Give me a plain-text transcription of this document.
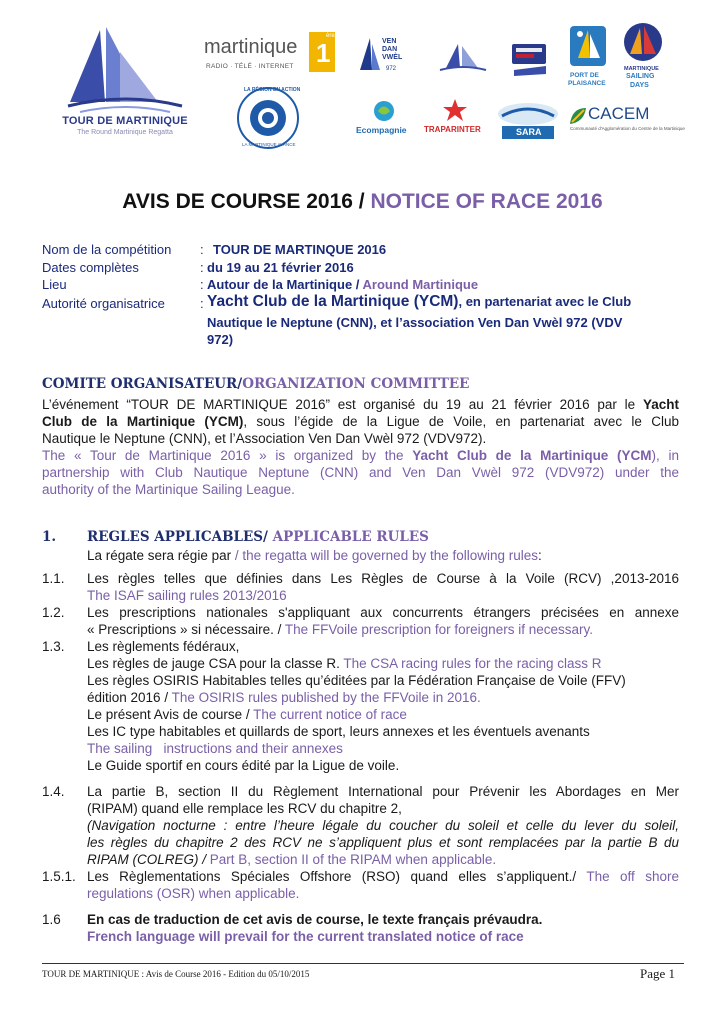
TOUR DE MARTINIQUE
The Round Martinique Regatta
martinique
RADIO · TÉLÉ · INTERNET 1
ère
VEN
DAN
VWÈL
972
PORT DE
PLAISANCE
MARTINIQUE
SAILING
DAYS
LA RÉGION EN ACTION
LA MARTINIQUE AVANCE
Ecompagnie TRAPARINTER	SARA
CACEM
Communauté d'Agglomération du Centre de la Martinique
AVIS DE COURSE 2016 / NOTICE OF RACE 2016
Nom de la compétition : TOUR DE MARTINQUE 2016
Dates complètes	: du 19 au 21 février 2016
Lieu	: Autour de la Martinique / Around Martinique
Autorité organisatrice	: Yacht Club de la Martinique (YCM), en partenariat avec le Club
Nautique le Neptune (CNN), et l’association Ven Dan Vwèl 972 (VDV
972)
COMITE ORGANISATEUR/ORGANIZATION COMMITTEE
L’événement “TOUR DE MARTINIQUE 2016” est organisé du 19 au 21 février 2016 par le Yacht
Club de la Martinique (YCM), sous l’égide de la Ligue de Voile, en partenariat avec le Club
Nautique le Neptune (CNN), et l’Association Ven Dan Vwèl 972 (VDV972).
The « Tour de Martinique 2016 » is organized by the Yacht Club de la Martinique (YCM), in
partnership with Club Nautique Neptune (CNN) and Ven Dan Vwèl 972 (VDV972) under the
authority of the Martinique Sailing League.
1. REGLES APPLICABLES/ APPLICABLE RULES
La régate sera régie par / the regatta will be governed by the following rules:
1.1. Les règles telles que définies dans Les Règles de Course à la Voile (RCV) ,2013-2016
The ISAF sailing rules 2013/2016
1.2. Les prescriptions nationales s'appliquant aux concurrents étrangers précisées en annexe
« Prescriptions » si nécessaire. / The FFVoile prescription for foreigners if necessary.
1.3. Les règlements fédéraux,
Les règles de jauge CSA pour la classe R. The CSA racing rules for the racing class R
Les règles OSIRIS Habitables telles qu’éditées par la Fédération Française de Voile (FFV)
édition 2016 / The OSIRIS rules published by the FFVoile in 2016.
Le présent Avis de course / The current notice of race
Les IC type habitables et quillards de sport, leurs annexes et les éventuels avenants
The sailing   instructions and their annexes
Le Guide sportif en cours édité par la Ligue de voile.
1.4. La partie B, section II du Règlement International pour Prévenir les Abordages en Mer
(RIPAM) quand elle remplace les RCV du chapitre 2,
(Navigation nocturne : entre l’heure légale du coucher du soleil et celle du lever du soleil,
les règles du chapitre 2 des RCV ne s’appliquent plus et sont remplacées par la partie B du
RIPAM (COLREG) / Part B, section II of the RIPAM when applicable.
1.5.1. Les Règlementations Spéciales Offshore (RSO) quand elles s’appliquent./ The off shore
regulations (OSR) when applicable.
1.6 En cas de traduction de cet avis de course, le texte français prévaudra.
French language will prevail for the current translated notice of race
TOUR DE MARTINIQUE : Avis de Course 2016 - Edition du 05/10/2015	Page 1
